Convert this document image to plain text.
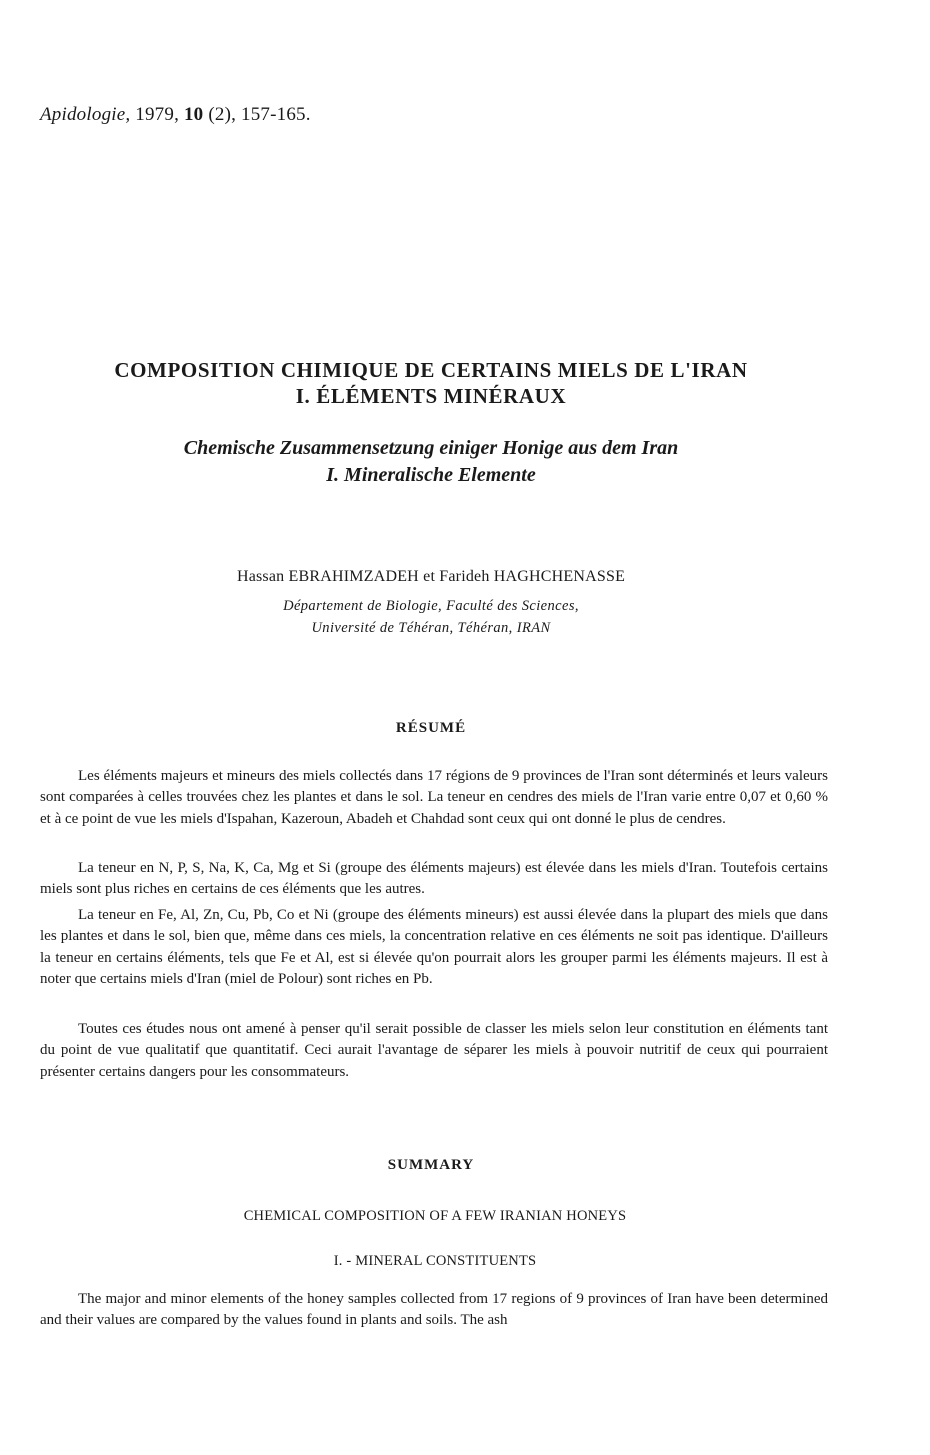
Apidologie, 1979, 10 (2), 157-165.
COMPOSITION CHIMIQUE DE CERTAINS MIELS DE L'IRAN
I. ÉLÉMENTS MINÉRAUX
Chemische Zusammensetzung einiger Honige aus dem Iran
I. Mineralische Elemente
Hassan EBRAHIMZADEH et Farideh HAGHCHENASSE
Département de Biologie, Faculté des Sciences,
Université de Téhéran, Téhéran, IRAN
RÉSUMÉ

Les éléments majeurs et mineurs des miels collectés dans 17 régions de 9 provinces de l'Iran sont déterminés et leurs valeurs sont comparées à celles trouvées chez les plantes et dans le sol. La teneur en cendres des miels de l'Iran varie entre 0,07 et 0,60 % et à ce point de vue les miels d'Ispahan, Kazeroun, Abadeh et Chahdad sont ceux qui ont donné le plus de cendres.

La teneur en N, P, S, Na, K, Ca, Mg et Si (groupe des éléments majeurs) est élevée dans les miels d'Iran. Toutefois certains miels sont plus riches en certains de ces éléments que les autres.

La teneur en Fe, Al, Zn, Cu, Pb, Co et Ni (groupe des éléments mineurs) est aussi élevée dans la plupart des miels que dans les plantes et dans le sol, bien que, même dans ces miels, la concentration relative en ces éléments ne soit pas identique. D'ailleurs la teneur en certains éléments, tels que Fe et Al, est si élevée qu'on pourrait alors les grouper parmi les éléments majeurs. Il est à noter que certains miels d'Iran (miel de Polour) sont riches en Pb.

Toutes ces études nous ont amené à penser qu'il serait possible de classer les miels selon leur constitution en éléments tant du point de vue qualitatif que quantitatif. Ceci aurait l'avantage de séparer les miels à pouvoir nutritif de ceux qui pourraient présenter certains dangers pour les consommateurs.

SUMMARY
CHEMICAL COMPOSITION OF A FEW IRANIAN HONEYS
I. - MINERAL CONSTITUENTS

The major and minor elements of the honey samples collected from 17 regions of 9 provinces of Iran have been determined and their values are compared by the values found in plants and soils. The ash
